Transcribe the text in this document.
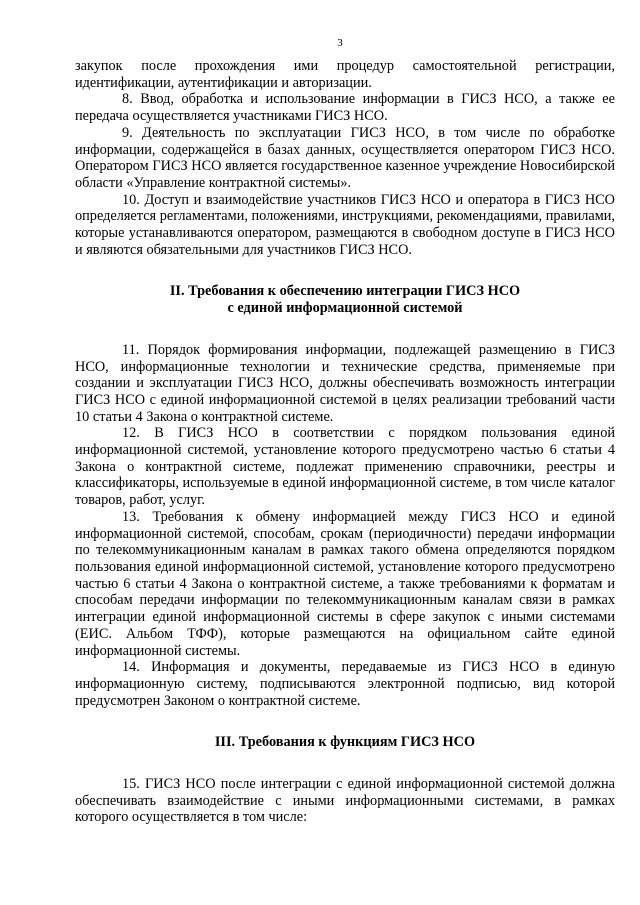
3

закупок после прохождения ими процедур самостоятельной регистрации, идентификации, аутентификации и авторизации.

8. Ввод, обработка и использование информации в ГИСЗ НСО, а также ее передача осуществляется участниками ГИСЗ НСО.

9. Деятельность по эксплуатации ГИСЗ НСО, в том числе по обработке информации, содержащейся в базах данных, осуществляется оператором ГИСЗ НСО. Оператором ГИСЗ НСО является государственное казенное учреждение Новосибирской области «Управление контрактной системы».

10. Доступ и взаимодействие участников ГИСЗ НСО и оператора в ГИСЗ НСО определяется регламентами, положениями, инструкциями, рекомендациями, правилами, которые устанавливаются оператором, размещаются в свободном доступе в ГИСЗ НСО и являются обязательными для участников ГИСЗ НСО.

II. Требования к обеспечению интеграции ГИСЗ НСО
с единой информационной системой

11. Порядок формирования информации, подлежащей размещению в ГИСЗ НСО, информационные технологии и технические средства, применяемые при создании и эксплуатации ГИСЗ НСО, должны обеспечивать возможность интеграции ГИСЗ НСО с единой информационной системой в целях реализации требований части 10 статьи 4 Закона о контрактной системе.

12. В ГИСЗ НСО в соответствии с порядком пользования единой информационной системой, установление которого предусмотрено частью 6 статьи 4 Закона о контрактной системе, подлежат применению справочники, реестры и классификаторы, используемые в единой информационной системе, в том числе каталог товаров, работ, услуг.

13. Требования к обмену информацией между ГИСЗ НСО и единой информационной системой, способам, срокам (периодичности) передачи информации по телекоммуникационным каналам в рамках такого обмена определяются порядком пользования единой информационной системой, установление которого предусмотрено частью 6 статьи 4 Закона о контрактной системе, а также требованиями к форматам и способам передачи информации по телекоммуникационным каналам связи в рамках интеграции единой информационной системы в сфере закупок с иными системами (ЕИС. Альбом ТФФ), которые размещаются на официальном сайте единой информационной системы.

14. Информация и документы, передаваемые из ГИСЗ НСО в единую информационную систему, подписываются электронной подписью, вид которой предусмотрен Законом о контрактной системе.

III. Требования к функциям ГИСЗ НСО

15. ГИСЗ НСО после интеграции с единой информационной системой должна обеспечивать взаимодействие с иными информационными системами, в рамках которого осуществляется в том числе:
